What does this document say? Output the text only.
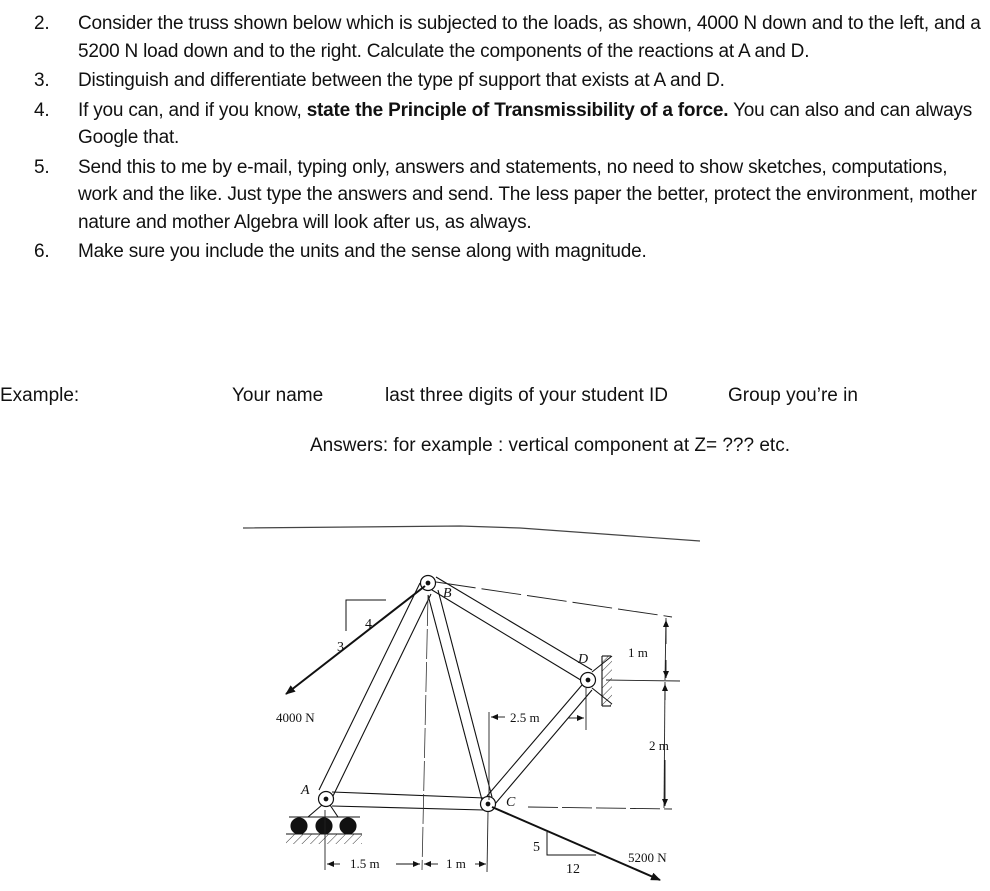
2. Consider the truss shown below which is subjected to the loads, as shown, 4000 N down and to the left, and a 5200 N load down and to the right. Calculate the components of the reactions at A and D.
3. Distinguish and differentiate between the type pf support that exists at A and D.
4. If you can, and if you know, state the Principle of Transmissibility of a force. You can also and can always Google that.
5. Send this to me by e-mail, typing only, answers and statements, no need to show sketches, computations, work and the like. Just type the answers and send. The less paper the better, protect the environment, mother nature and mother Algebra will look after us, as always.
6. Make sure you include the units and the sense along with magnitude.
Example:	Your name	last three digits of your student ID	Group you’re in
Answers: for example : vertical component at Z= ??? etc.
3
4
4000 N
5
12
5200 N
B
D
A
C
1 m
2 m
2.5 m
1.5 m	1 m
